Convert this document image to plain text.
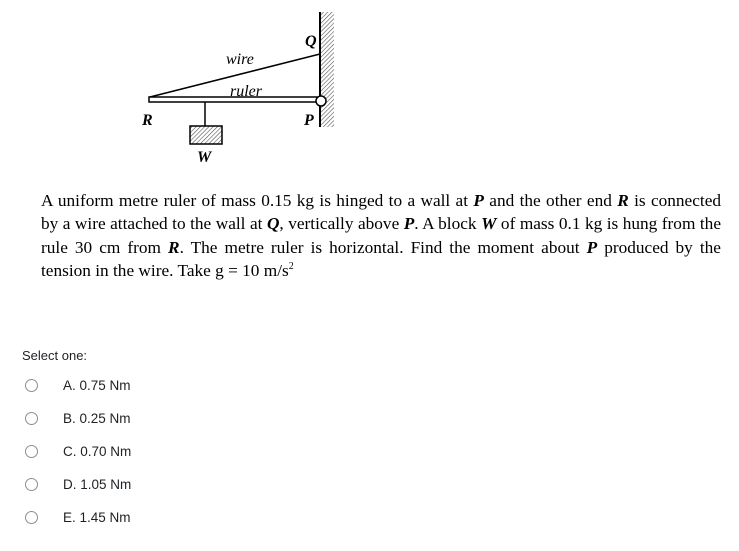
wire
ruler
Q
R	P
W

A uniform metre ruler of mass 0.15 kg is hinged to a wall at P and the other end R is connected by a wire attached to the wall at Q, vertically above P. A block W of mass 0.1 kg is hung from the rule 30 cm from R. The metre ruler is horizontal. Find the moment about P produced by the tension in the wire. Take g = 10 $m/s^2$

Select one:
A. 0.75 Nm
B. 0.25 Nm
C. 0.70 Nm
D. 1.05 Nm
E. 1.45 Nm
